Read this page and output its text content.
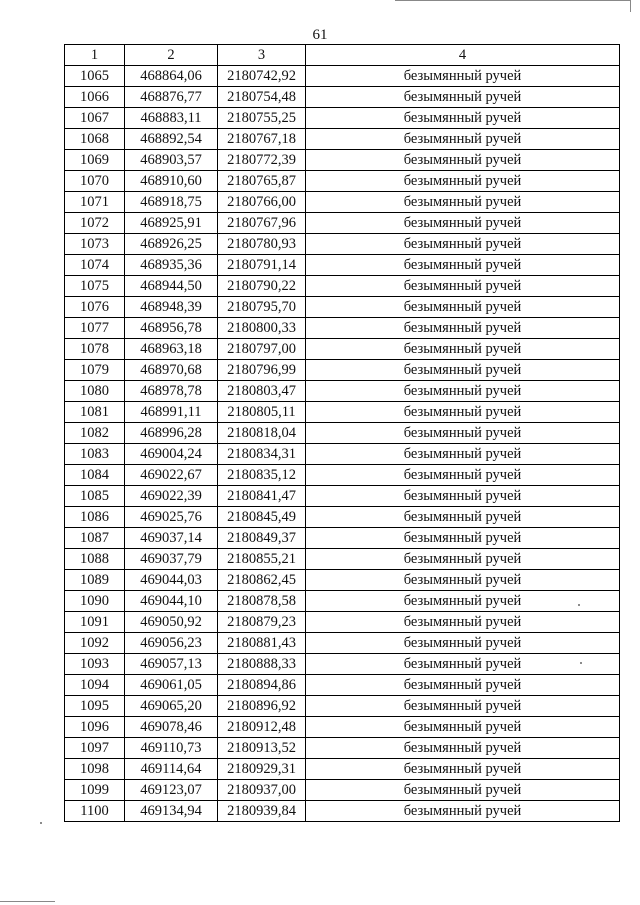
61
1	2	3	4
1065	468864,06	2180742,92	безымянный ручей
1066	468876,77	2180754,48	безымянный ручей
1067	468883,11	2180755,25	безымянный ручей
1068	468892,54	2180767,18	безымянный ручей
1069	468903,57	2180772,39	безымянный ручей
1070	468910,60	2180765,87	безымянный ручей
1071	468918,75	2180766,00	безымянный ручей
1072	468925,91	2180767,96	безымянный ручей
1073	468926,25	2180780,93	безымянный ручей
1074	468935,36	2180791,14	безымянный ручей
1075	468944,50	2180790,22	безымянный ручей
1076	468948,39	2180795,70	безымянный ручей
1077	468956,78	2180800,33	безымянный ручей
1078	468963,18	2180797,00	безымянный ручей
1079	468970,68	2180796,99	безымянный ручей
1080	468978,78	2180803,47	безымянный ручей
1081	468991,11	2180805,11	безымянный ручей
1082	468996,28	2180818,04	безымянный ручей
1083	469004,24	2180834,31	безымянный ручей
1084	469022,67	2180835,12	безымянный ручей
1085	469022,39	2180841,47	безымянный ручей
1086	469025,76	2180845,49	безымянный ручей
1087	469037,14	2180849,37	безымянный ручей
1088	469037,79	2180855,21	безымянный ручей
1089	469044,03	2180862,45	безымянный ручей
1090	469044,10	2180878,58	безымянный ручей
1091	469050,92	2180879,23	безымянный ручей
1092	469056,23	2180881,43	безымянный ручей
1093	469057,13	2180888,33	безымянный ручей
1094	469061,05	2180894,86	безымянный ручей
1095	469065,20	2180896,92	безымянный ручей
1096	469078,46	2180912,48	безымянный ручей
1097	469110,73	2180913,52	безымянный ручей
1098	469114,64	2180929,31	безымянный ручей
1099	469123,07	2180937,00	безымянный ручей
1100	469134,94	2180939,84	безымянный ручей
